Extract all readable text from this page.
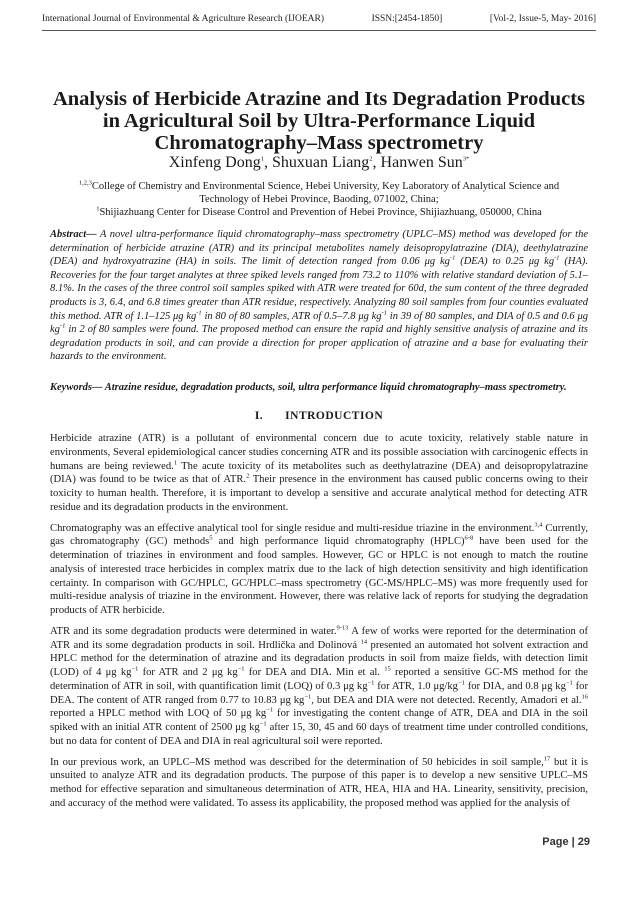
International Journal of Environmental & Agriculture Research (IJOEAR)	ISSN:[2454-1850]	[Vol-2, Issue-5, May- 2016]
Analysis of Herbicide Atrazine and Its Degradation Products in Agricultural Soil by Ultra-Performance Liquid Chromatography–Mass spectrometry
Xinfeng Dong$^1$, Shuxuan Liang$^2$, Hanwen Sun$^{3*}$

$^{1,2,3}$College of Chemistry and Environmental Science, Hebei University, Key Laboratory of Analytical Science and Technology of Hebei Province, Baoding, 071002, China;

$^1$Shijiazhuang Center for Disease Control and Prevention of Hebei Province, Shijiazhuang, 050000, China

Abstract— A novel ultra-performance liquid chromatography–mass spectrometry (UPLC–MS) method was developed for the determination of herbicide atrazine (ATR) and its principal metabolites namely deisopropylatrazine (DIA), deethylatrazine (DEA) and hydroxyatrazine (HA) in soils. The limit of detection ranged from 0.06 μg $kg^{-1}$ (DEA) to 0.25 μg $kg^{-1}$ (HA). Recoveries for the four target analytes at three spiked levels ranged from 73.2 to 110% with relative standard deviation of 5.1–8.1%. In the cases of the three control soil samples spiked with ATR were treated for 60d, the sum content of the three degraded products is 3, 6.4, and 6.8 times greater than ATR residue, respectively. Analyzing 80 soil samples from four counties evaluated this method. ATR of 1.1–125 μg $kg^{-1}$ in 80 of 80 samples, ATR of 0.5–7.8 μg $kg^{-1}$ in 39 of 80 samples, and DIA of 0.5 and 0.6 μg $kg^{-1}$ in 2 of 80 samples were found. The proposed method can ensure the rapid and highly sensitive analysis of atrazine and its degradation products in soil, and can provide a direction for proper application of atrazine and a base for evaluating their hazards to the environment.
Keywords— Atrazine residue, degradation products, soil, ultra performance liquid chromatography–mass spectrometry.
I. INTRODUCTION

Herbicide atrazine (ATR) is a pollutant of environmental concern due to acute toxicity, relatively stable nature in environments, Several epidemiological cancer studies concerning ATR and its possible association with carcinogenic effects in humans are being reviewed.$^1$ The acute toxicity of its metabolites such as deethylatrazine (DEA) and deisopropylatrazine (DIA) was found to be twice as that of ATR.$^2$ Their presence in the environment has caused public concerns owing to their toxicity to human health. Therefore, it is important to develop a sensitive and accurate analytical method for detecting ATR residue and its degradation products in the environment.

Chromatography was an effective analytical tool for single residue and multi-residue triazine in the environment.$^{3,4}$ Currently, gas chromatography (GC) methods$^5$ and high performance liquid chromatography (HPLC)$^{6-8}$ have been used for the determination of triazines in environment and food samples. However, GC or HPLC is not enough to match the routine analysis of interested trace herbicides in complex matrix due to the lack of high detection sensitivity and high identification certainty. In comparison with GC/HPLC, GC/HPLC–mass spectrometry (GC-MS/HPLC–MS) was more frequently used for multi-residue analysis of triazine in the environment. However, there was relative lack of reports for studying the degradation products of ATR herbicide.

ATR and its some degradation products were determined in water.$^{9-13}$ A few of works were reported for the determination of ATR and its some degradation products in soil. Hrdlička and Dolinová $^{14}$ presented an automated hot solvent extraction and HPLC method for the determination of atrazine and its degradation products in soil from maize fields, with detection limit (LOD) of 4 μg $kg^{-1}$ for ATR and 2 μg $kg^{-1}$ for DEA and DIA. Min et al. $^{15}$ reported a sensitive GC-MS method for the determination of ATR in soil, with quantification limit (LOQ) of 0.3 μg $kg^{-1}$ for ATR, 1.0 $\mu g/kg^{-1}$ for DIA, and 0.8 μg $kg^{-1}$ for DEA. The content of ATR ranged from 0.77 to 10.83 μg $kg^{-1}$, but DEA and DIA were not detected. Recently, Amadori et al.$^{16}$ reported a HPLC method with LOQ of 50 μg $kg^{-1}$ for investigating the content change of ATR, DEA and DIA in the soil spiked with an initial ATR content of 2500 μg $kg^{-1}$ after 15, 30, 45 and 60 days of treatment time under controlled conditions, but no data for content of DEA and DIA in real agricultural soil were reported.

In our previous work, an UPLC–MS method was described for the determination of 50 hebicides in soil sample,$^{17}$ but it is unsuited to analyze ATR and its degradation products. The purpose of this paper is to develop a new sensitive UPLC–MS method for effective separation and simultaneous determination of ATR, HEA, HIA and HA. Linearity, sensitivity, precision, and accuracy of the method were validated. To assess its applicability, the proposed method was applied for the analysis of

Page | 29
